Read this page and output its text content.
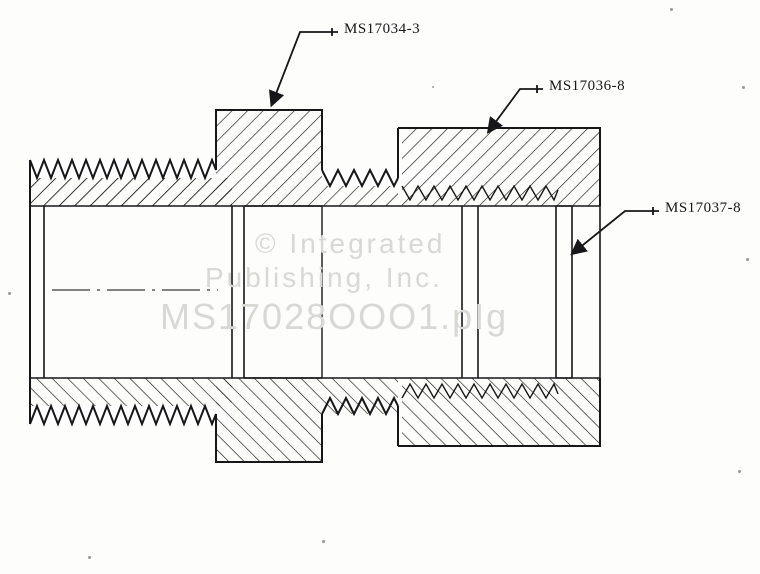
© Integrated
Publishing, Inc.
MS17028OOO1.pIg
MS17034-3
MS17036-8
MS17037-8
